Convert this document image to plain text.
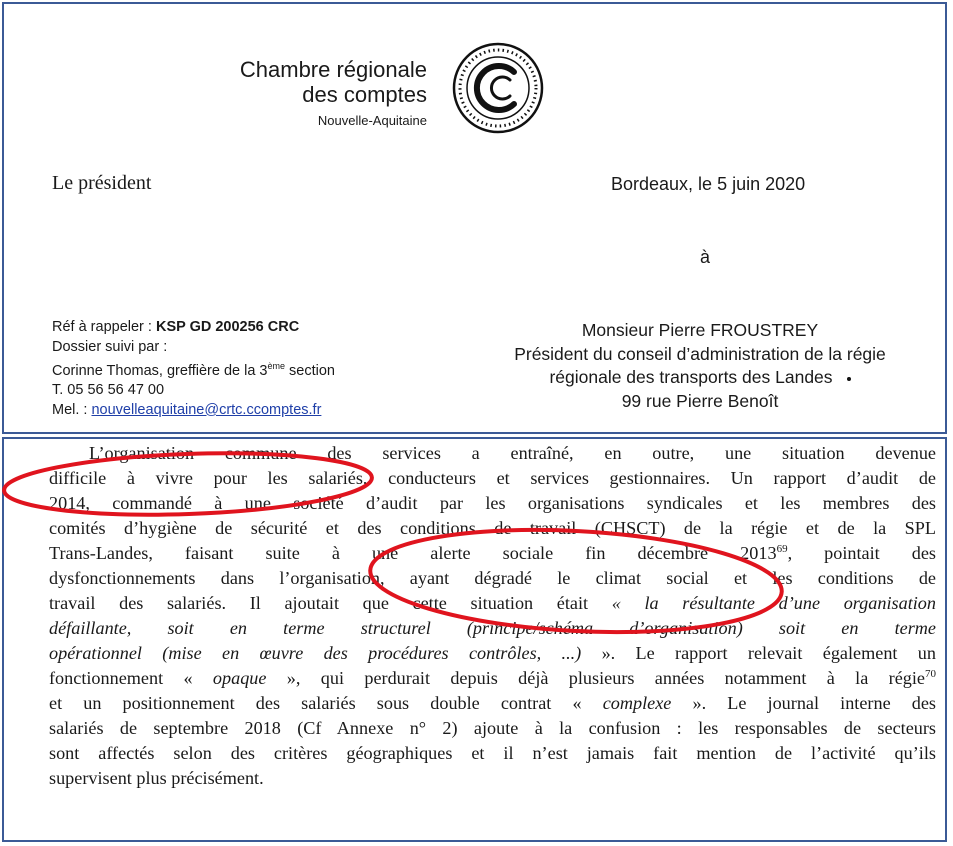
Chambre régionale
des comptes
Nouvelle-Aquitaine
Le président	Bordeaux, le 5 juin 2020
à
Réf à rappeler : KSP GD 200256 CRC
Dossier suivi par :
Corinne Thomas, greffière de la 3ème section
T. 05 56 56 47 00
Mel. : nouvelleaquitaine@crtc.ccomptes.fr
Monsieur Pierre FROUSTREY
Président du conseil d’administration de la régie
régionale des transports des Landes
99 rue Pierre Benoît
L’organisation commune des services a entraîné, en outre, une situation devenue
difficile à vivre pour les salariés, conducteurs et services gestionnaires. Un rapport d’audit de
2014, commandé à une société d’audit par les organisations syndicales et les membres des
comités d’hygiène de sécurité et des conditions de travail (CHSCT) de la régie et de la SPL
Trans-Landes, faisant suite à une alerte sociale fin décembre 2013$^{69}$, pointait des
dysfonctionnements dans l’organisation, ayant dégradé le climat social et les conditions de
travail des salariés. Il ajoutait que cette situation était « la résultante d’une organisation
défaillante, soit en terme structurel (principe/schéma d’organisation) soit en terme
opérationnel (mise en œuvre des procédures contrôles, ...) ». Le rapport relevait également un
fonctionnement « opaque », qui perdurait depuis déjà plusieurs années notamment à la régie$^{70}$
et un positionnement des salariés sous double contrat « complexe ». Le journal interne des
salariés de septembre 2018 (Cf Annexe n° 2) ajoute à la confusion : les responsables de secteurs
sont affectés selon des critères géographiques et il n’est jamais fait mention de l’activité qu’ils
supervisent plus précisément.
